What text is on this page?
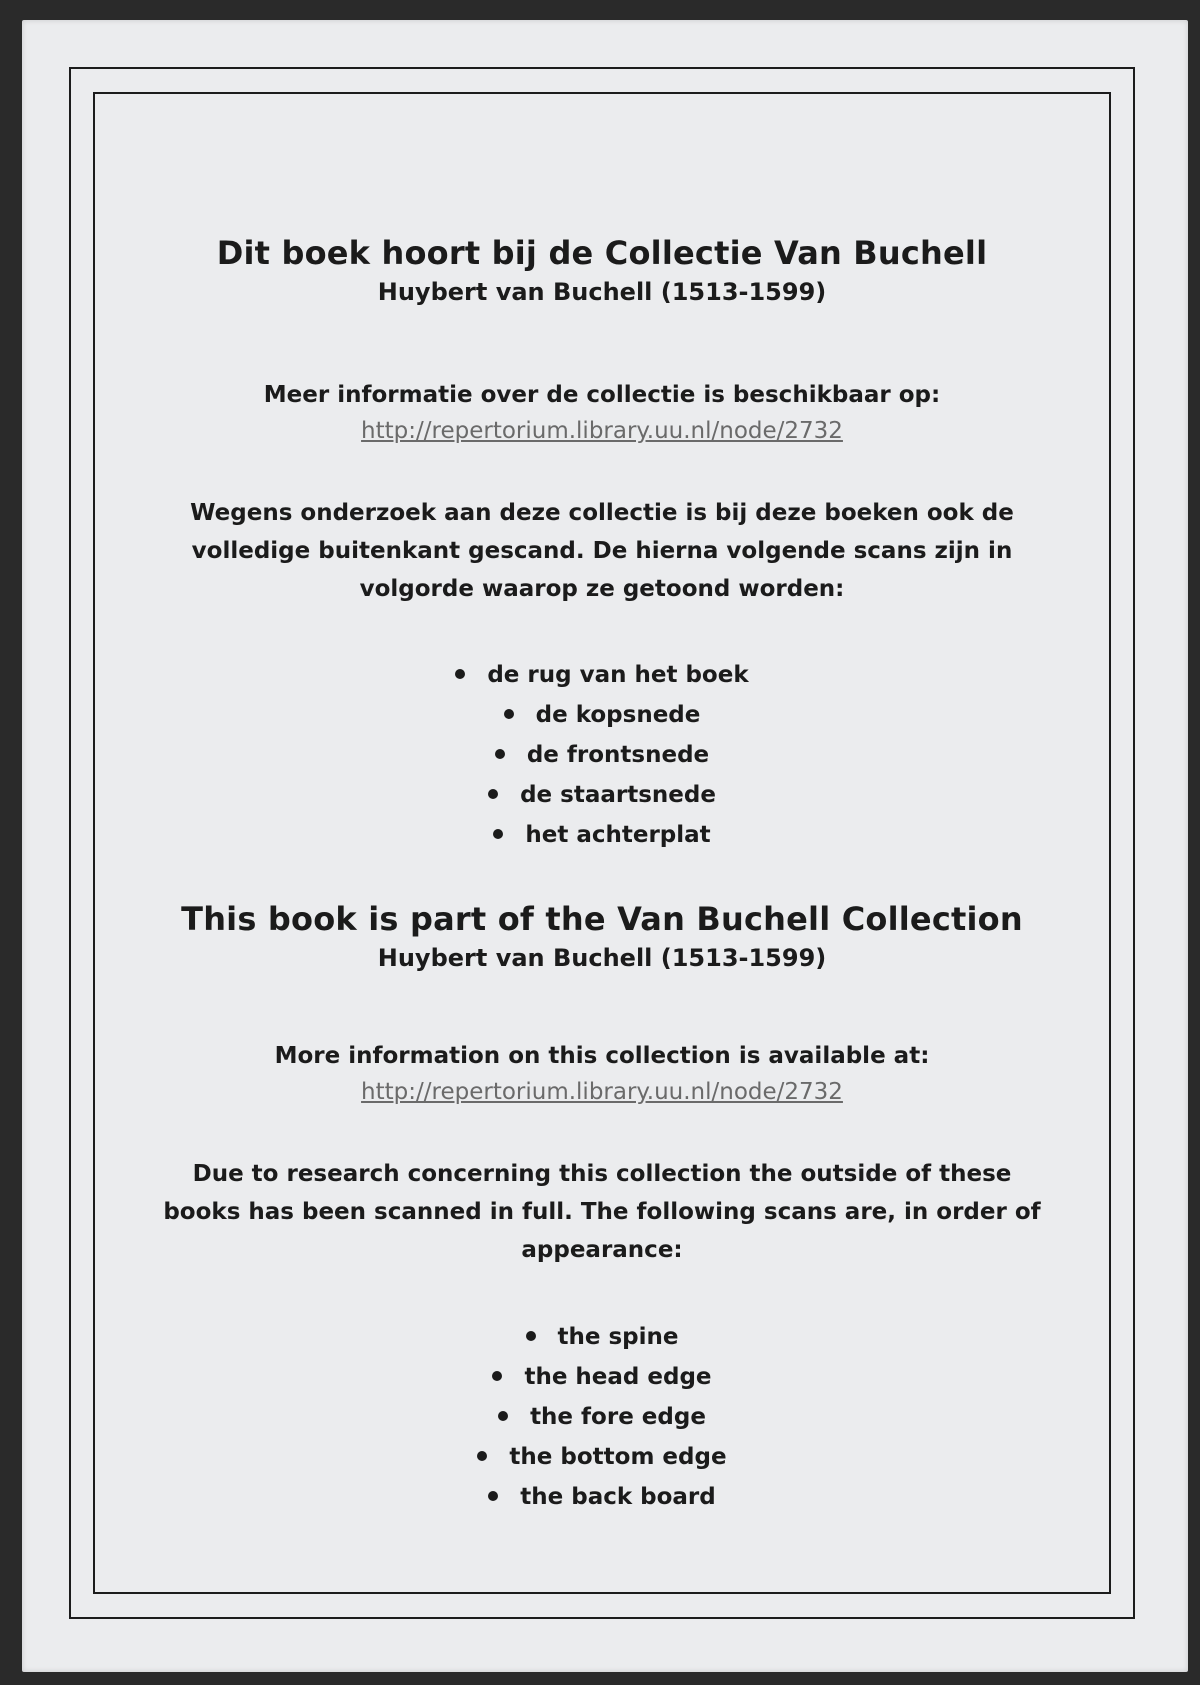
Dit boek hoort bij de Collectie Van Buchell

Huybert van Buchell (1513-1599)

Meer informatie over de collectie is beschikbaar op:

http://repertorium.library.uu.nl/node/2732

Wegens onderzoek aan deze collectie is bij deze boeken ook de

volledige buitenkant gescand. De hierna volgende scans zijn in

volgorde waarop ze getoond worden:

de rug van het boek
de kopsnede
de frontsnede
de staartsnede
het achterplat

This book is part of the Van Buchell Collection

Huybert van Buchell (1513-1599)

More information on this collection is available at:

http://repertorium.library.uu.nl/node/2732

Due to research concerning this collection the outside of these

books has been scanned in full. The following scans are, in order of

appearance:

the spine
the head edge
the fore edge
the bottom edge
the back board
